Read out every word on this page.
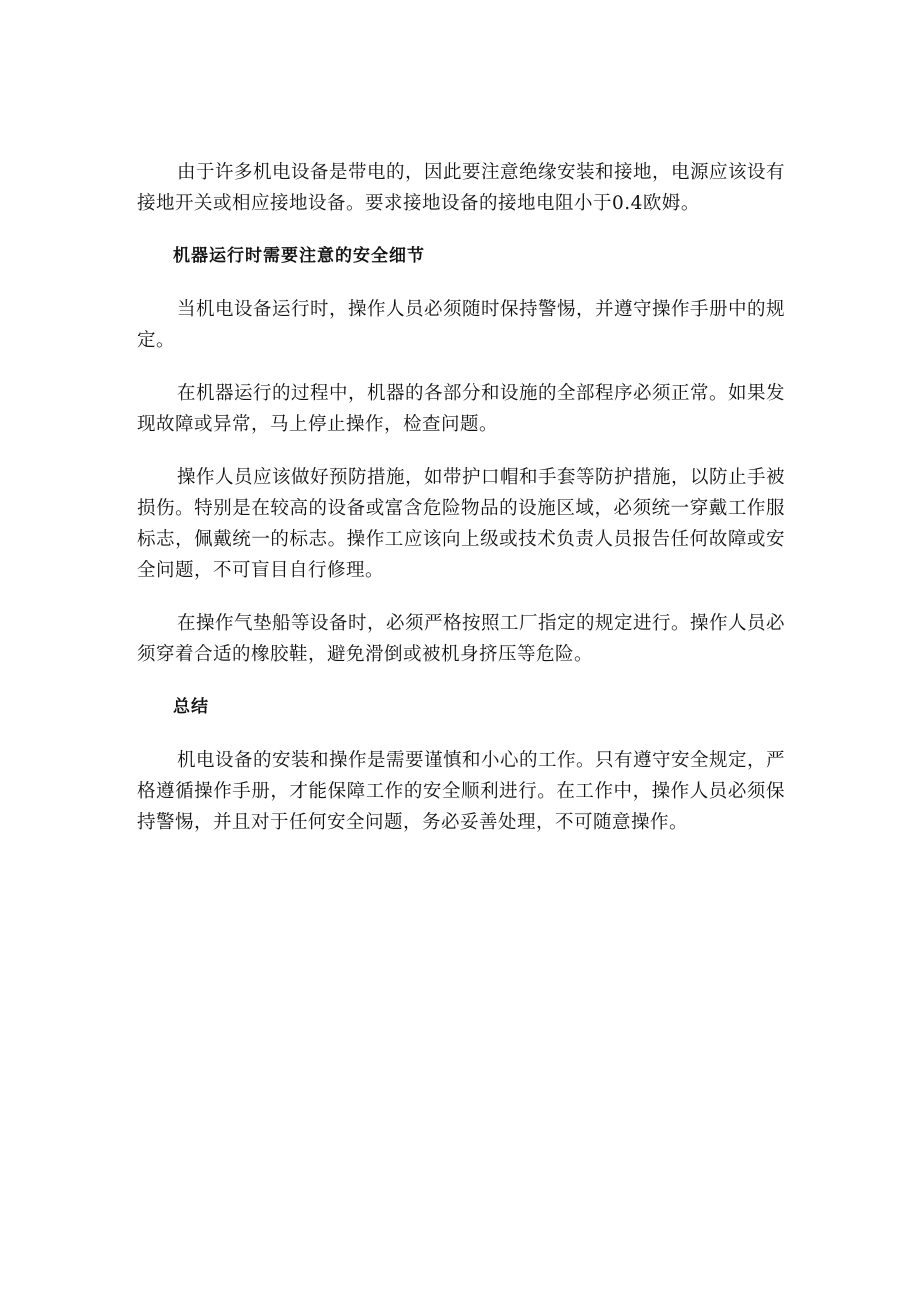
由于许多机电设备是带电的，因此要注意绝缘安装和接地，电源应该设有接地开关或相应接地设备。要求接地设备的接地电阻小于0.4欧姆。

机器运行时需要注意的安全细节

当机电设备运行时，操作人员必须随时保持警惕，并遵守操作手册中的规定。

在机器运行的过程中，机器的各部分和设施的全部程序必须正常。如果发现故障或异常，马上停止操作，检查问题。

操作人员应该做好预防措施，如带护口帽和手套等防护措施，以防止手被损伤。特别是在较高的设备或富含危险物品的设施区域，必须统一穿戴工作服标志，佩戴统一的标志。操作工应该向上级或技术负责人员报告任何故障或安全问题，不可盲目自行修理。

在操作气垫船等设备时，必须严格按照工厂指定的规定进行。操作人员必须穿着合适的橡胶鞋，避免滑倒或被机身挤压等危险。

总结

机电设备的安装和操作是需要谨慎和小心的工作。只有遵守安全规定，严格遵循操作手册，才能保障工作的安全顺利进行。在工作中，操作人员必须保持警惕，并且对于任何安全问题，务必妥善处理，不可随意操作。
